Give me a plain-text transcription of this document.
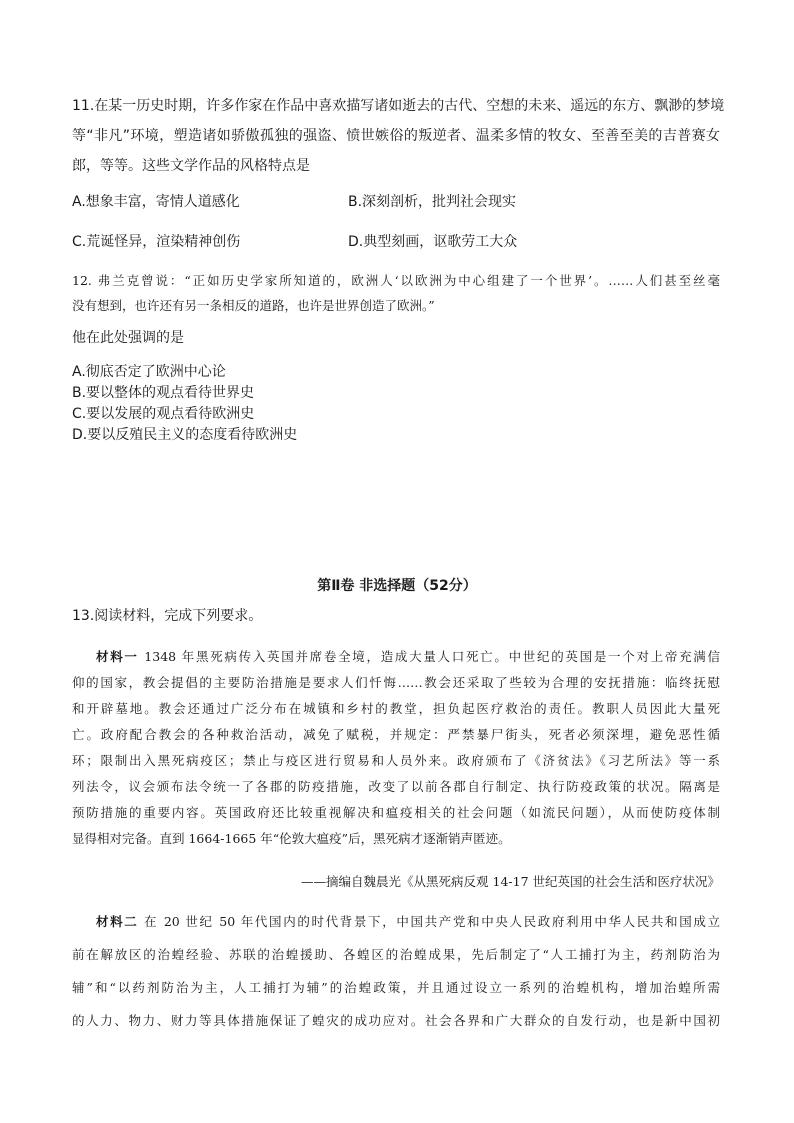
11.在某一历史时期，许多作家在作品中喜欢描写诸如逝去的古代、空想的未来、遥远的东方、飘渺的梦境
等“非凡”环境，塑造诸如骄傲孤独的强盗、愤世嫉俗的叛逆者、温柔多情的牧女、至善至美的吉普赛女
郎，等等。这些文学作品的风格特点是
A.想象丰富，寄情人道感化	B.深刻剖析，批判社会现实
C.荒诞怪异，渲染精神创伤	D.典型刻画，讴歌劳工大众
12. 弗兰克曾说：“正如历史学家所知道的，欧洲人‘以欧洲为中心组建了一个世界’。……人们甚至丝毫
没有想到，也许还有另一条相反的道路，也许是世界创造了欧洲。”
他在此处强调的是
A.彻底否定了欧洲中心论
B.要以整体的观点看待世界史
C.要以发展的观点看待欧洲史
D.要以反殖民主义的态度看待欧洲史
第Ⅱ卷 非选择题（52分）
13.阅读材料，完成下列要求。
材料一 1348 年黑死病传入英国并席卷全境，造成大量人口死亡。中世纪的英国是一个对上帝充满信
仰的国家，教会提倡的主要防治措施是要求人们忏悔……教会还采取了些较为合理的安抚措施：临终抚慰
和开辟墓地。教会还通过广泛分布在城镇和乡村的教堂，担负起医疗救治的责任。教职人员因此大量死
亡。政府配合教会的各种救治活动，减免了赋税，并规定：严禁暴尸街头，死者必须深埋，避免恶性循
环；限制出入黑死病疫区；禁止与疫区进行贸易和人员外来。政府颁布了《济贫法》《习艺所法》等一系
列法令，议会颁布法令统一了各郡的防疫措施，改变了以前各郡自行制定、执行防疫政策的状况。隔离是
预防措施的重要内容。英国政府还比较重视解决和瘟疫相关的社会问题（如流民问题），从而使防疫体制
显得相对完备。直到 1664-1665 年“伦敦大瘟疫”后，黑死病才逐渐销声匿迹。
——摘编自魏晨光《从黑死病反观 14-17 世纪英国的社会生活和医疗状况》
材料二 在 20 世纪 50 年代国内的时代背景下，中国共产党和中央人民政府利用中华人民共和国成立
前在解放区的治蝗经验、苏联的治蝗援助、各蝗区的治蝗成果，先后制定了“人工捕打为主，药剂防治为
辅”和“以药剂防治为主，人工捕打为辅”的治蝗政策，并且通过设立一系列的治蝗机构，增加治蝗所需
的人力、物力、财力等具体措施保证了蝗灾的成功应对。社会各界和广大群众的自发行动，也是新中国初
